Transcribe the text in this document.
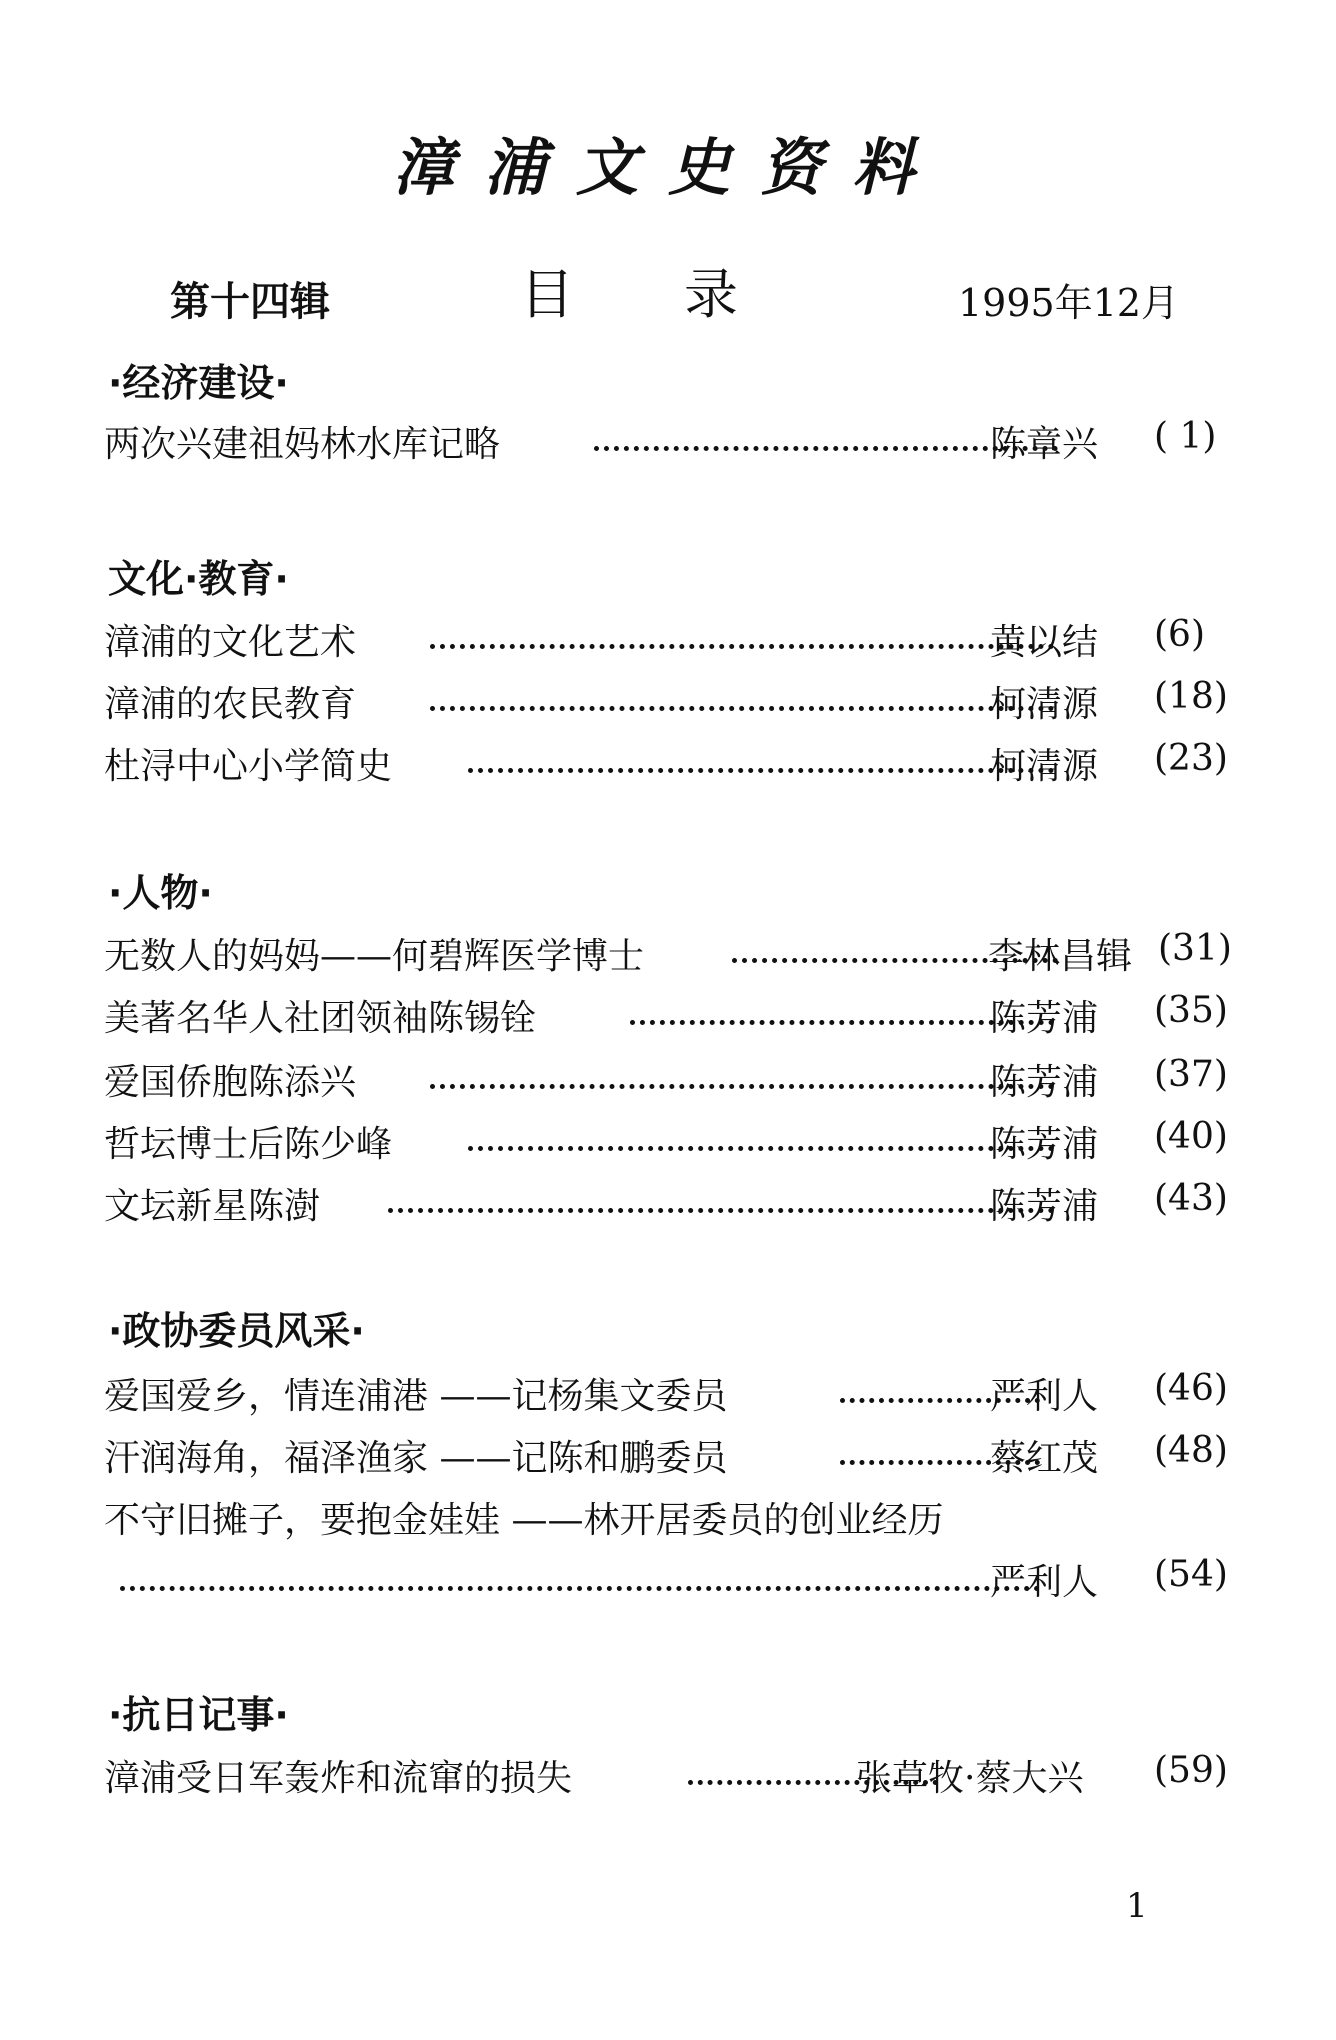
漳浦文史资料
第十四辑	目录	1995年12月
·经济建设·
两次兴建祖妈林水库记略	陈章兴 ( 1)
文化·教育·
漳浦的文化艺术	黄以结 (6)
漳浦的农民教育	柯清源 (18)
杜浔中心小学简史	柯清源 (23)
·人物·
无数人的妈妈——何碧辉医学博士	李林昌辑 (31)
美著名华人社团领袖陈锡铨	陈芳浦 (35)
爱国侨胞陈添兴	陈芳浦 (37)
哲坛博士后陈少峰	陈芳浦 (40)
文坛新星陈澍	陈芳浦 (43)
·政协委员风采·
爱国爱乡，情连浦港 ——记杨集文委员	严利人 (46)
汗润海角，福泽渔家 ——记陈和鹏委员	蔡红茂 (48)
不守旧摊子，要抱金娃娃 ——林开居委员的创业经历
严利人 (54)
·抗日记事·
漳浦受日军轰炸和流窜的损失	张草牧·蔡大兴 (59)
1
